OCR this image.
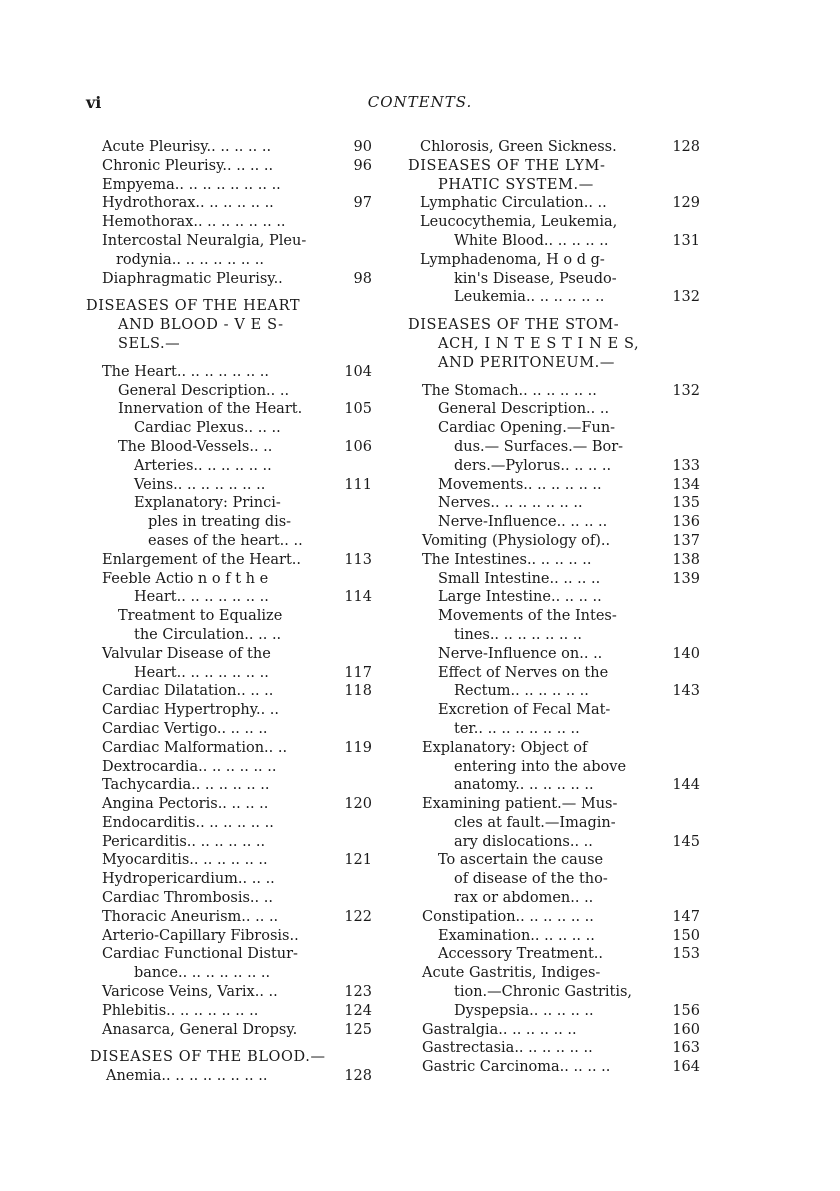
vi	CONTENTS.
Acute Pleurisy.. .. .. .. ..	90
Chronic Pleurisy.. .. .. ..	96
Empyema.. .. .. .. .. .. .. ..
Hydrothorax.. .. .. .. .. ..	97
Hemothorax.. .. .. .. .. .. ..
Intercostal Neuralgia, Pleu-
rodynia.. .. .. .. .. .. ..
Diaphragmatic Pleurisy..	98
DISEASES OF THE HEART
AND BLOOD - V E S-
SELS.—
The Heart.. .. .. .. .. .. ..	104
General Description.. ..
Innervation of the Heart.	105
Cardiac Plexus.. .. ..
The Blood-Vessels.. ..	106
Arteries.. .. .. .. .. ..
Veins.. .. .. .. .. .. ..	111
Explanatory: Princi-
ples in treating dis-
eases of the heart.. ..
Enlargement of the Heart..	113
Feeble Actio n o f t h e
Heart.. .. .. .. .. .. ..	114
Treatment to Equalize
the Circulation.. .. ..
Valvular Disease of the
Heart.. .. .. .. .. .. ..	117
Cardiac Dilatation.. .. ..	118
Cardiac Hypertrophy.. ..
Cardiac Vertigo.. .. .. ..
Cardiac Malformation.. ..	119
Dextrocardia.. .. .. .. .. ..
Tachycardia.. .. .. .. .. ..
Angina Pectoris.. .. .. ..	120
Endocarditis.. .. .. .. .. ..
Pericarditis.. .. .. .. .. ..
Myocarditis.. .. .. .. .. ..	121
Hydropericardium.. .. ..
Cardiac Thrombosis.. ..
Thoracic Aneurism.. .. ..	122
Arterio-Capillary Fibrosis..
Cardiac Functional Distur-
bance.. .. .. .. .. .. ..
Varicose Veins, Varix.. ..	123
Phlebitis.. .. .. .. .. .. ..	124
Anasarca, General Dropsy.	125
DISEASES OF THE BLOOD.—
Anemia.. .. .. .. .. .. .. ..	128
Chlorosis, Green Sickness.	128
DISEASES OF THE LYM-
PHATIC SYSTEM.—
Lymphatic Circulation.. ..	129
Leucocythemia, Leukemia,
White Blood.. .. .. .. ..	131
Lymphadenoma, H o d g-
kin's Disease, Pseudo-
Leukemia.. .. .. .. .. ..	132
DISEASES OF THE STOM-
ACH, I N T E S T I N E S,
AND PERITONEUM.—
The Stomach.. .. .. .. .. ..	132
General Description.. ..
Cardiac Opening.—Fun-
dus.— Surfaces.— Bor-
ders.—Pylorus.. .. .. ..	133
Movements.. .. .. .. .. ..	134
Nerves.. .. .. .. .. .. ..	135
Nerve-Influence.. .. .. ..	136
Vomiting (Physiology of)..	137
The Intestines.. .. .. .. ..	138
Small Intestine.. .. .. ..	139
Large Intestine.. .. .. ..
Movements of the Intes-
tines.. .. .. .. .. .. ..
Nerve-Influence on.. ..	140
Effect of Nerves on the
Rectum.. .. .. .. .. ..	143
Excretion of Fecal Mat-
ter.. .. .. .. .. .. .. ..
Explanatory: Object of
entering into the above
anatomy.. .. .. .. .. ..	144
Examining patient.— Mus-
cles at fault.—Imagin-
ary dislocations.. ..	145
To ascertain the cause
of disease of the tho-
rax or abdomen.. ..
Constipation.. .. .. .. .. ..	147
Examination.. .. .. .. ..	150
Accessory Treatment..	153
Acute Gastritis, Indiges-
tion.—Chronic Gastritis,
Dyspepsia.. .. .. .. ..	156
Gastralgia.. .. .. .. .. ..	160
Gastrectasia.. .. .. .. .. ..	163
Gastric Carcinoma.. .. .. ..	164
